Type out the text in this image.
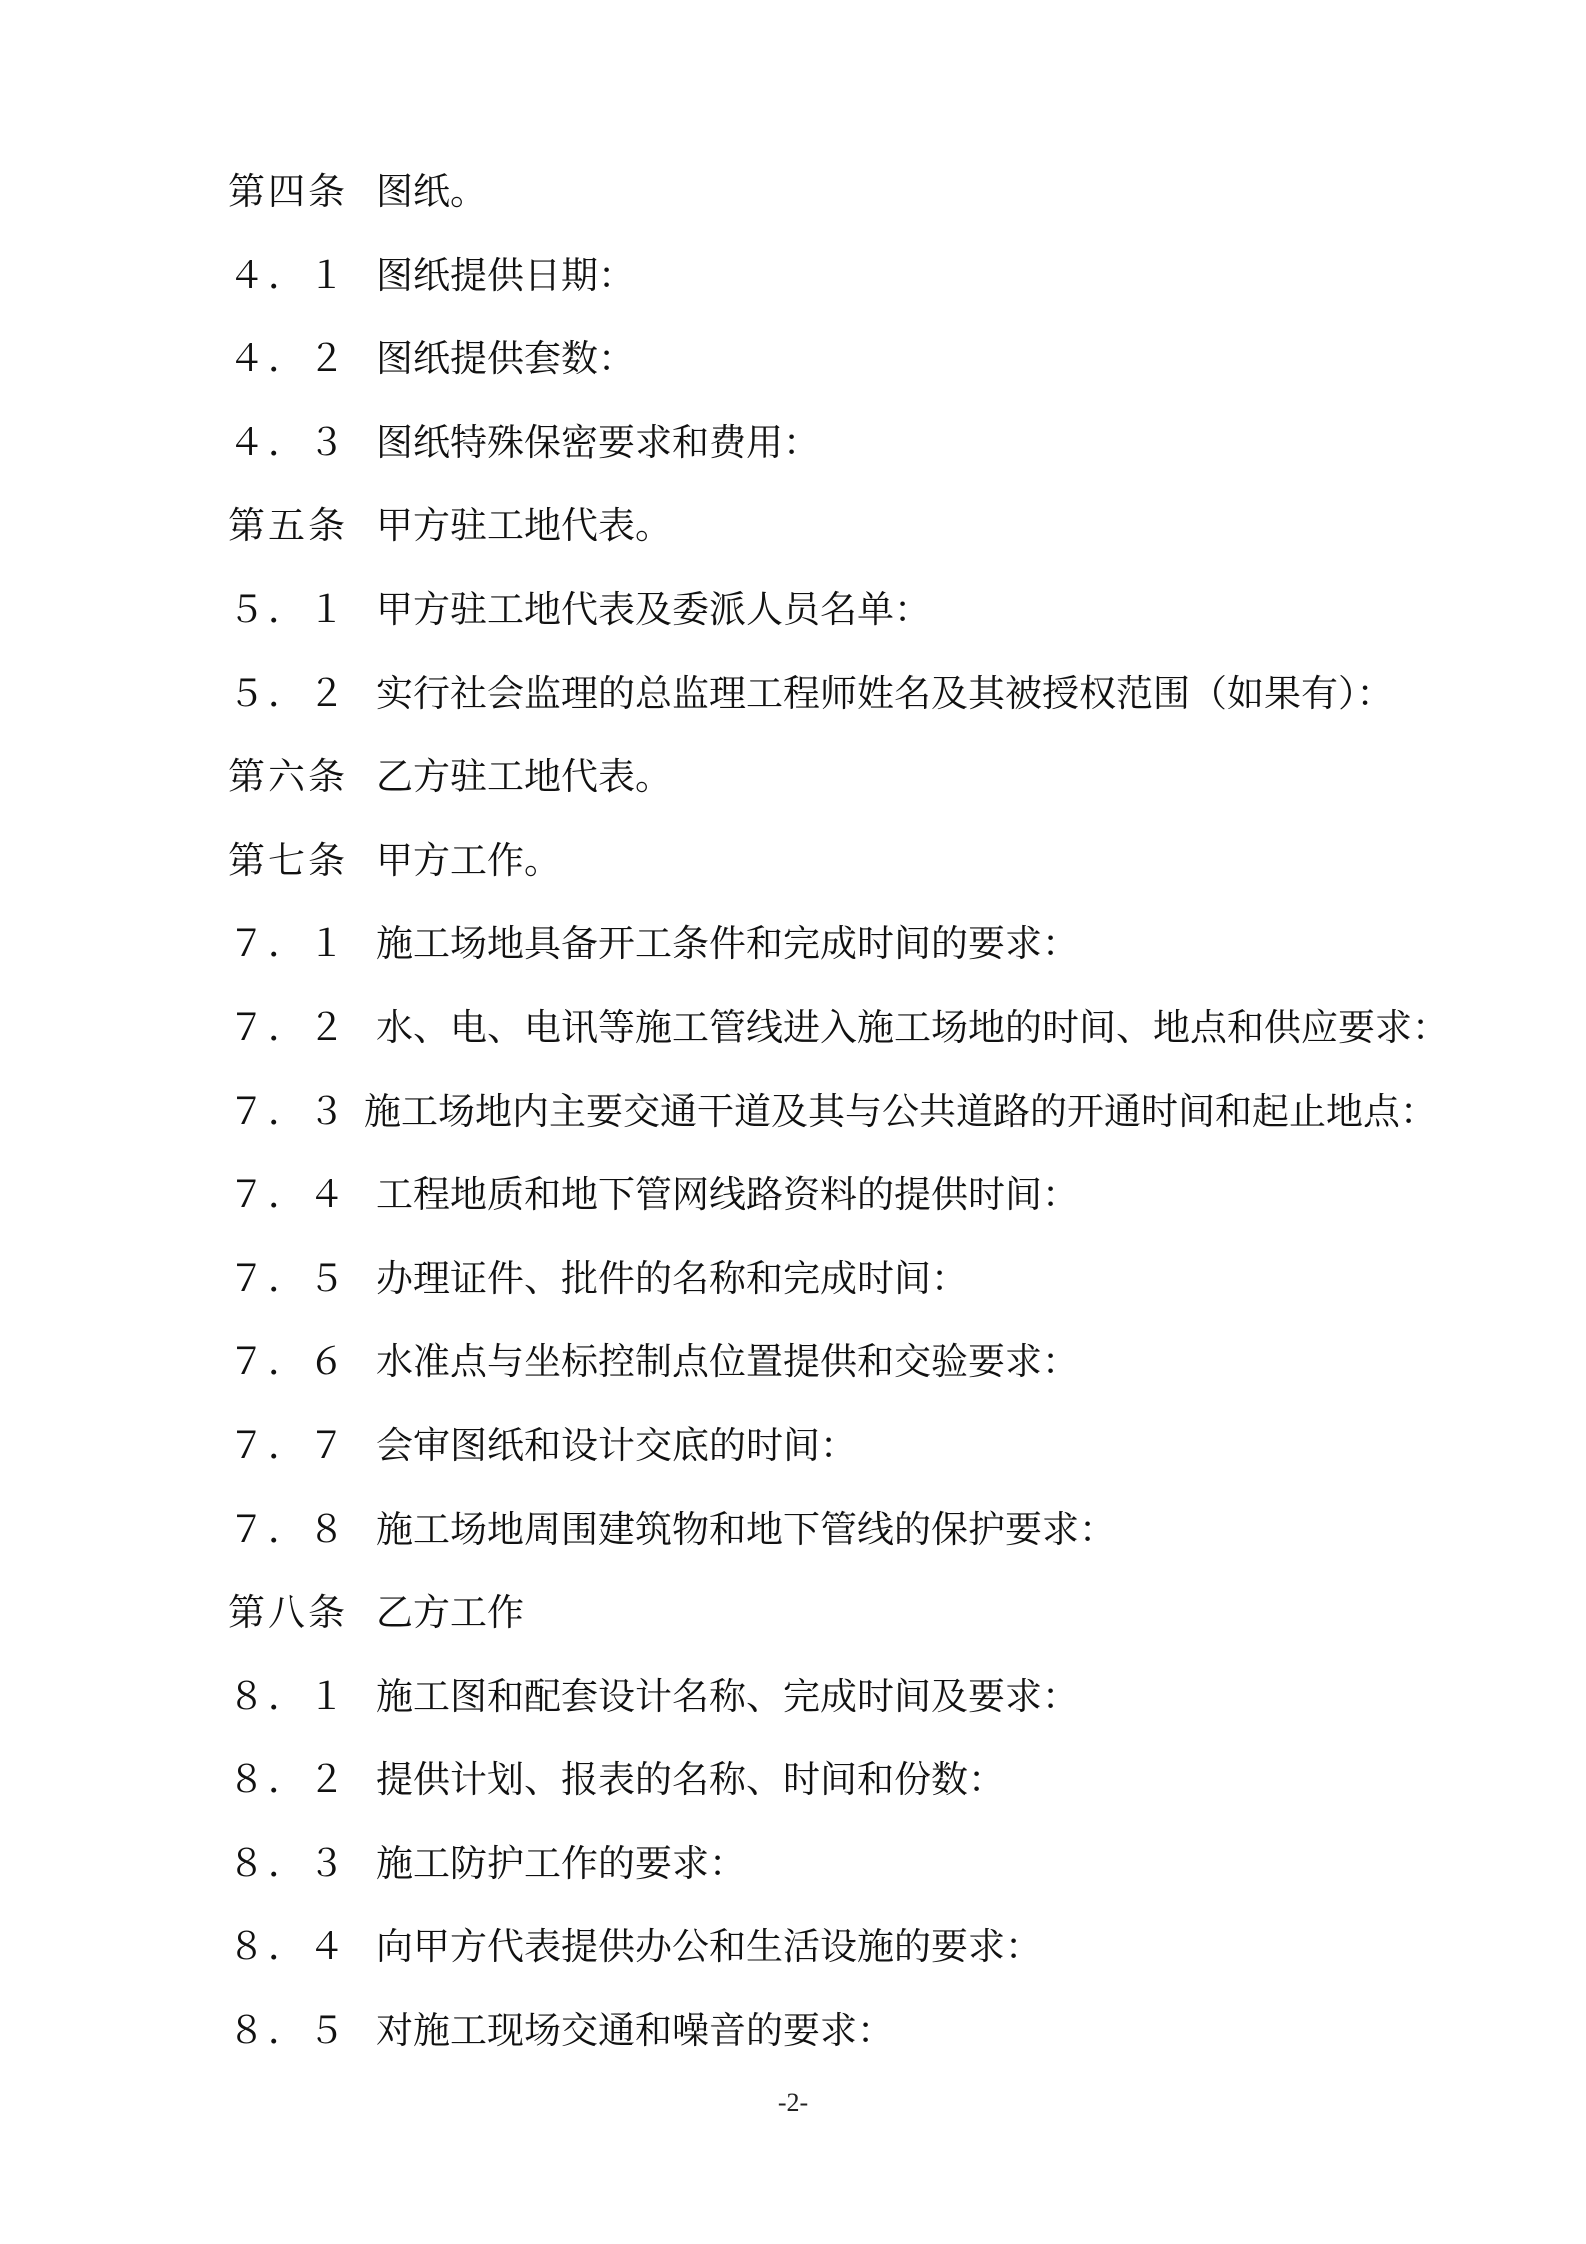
第四条 图纸。
４．１ 图纸提供日期：
４．２ 图纸提供套数：
４．３ 图纸特殊保密要求和费用：
第五条 甲方驻工地代表。
５．１ 甲方驻工地代表及委派人员名单：
５．２ 实行社会监理的总监理工程师姓名及其被授权范围（如果有）：
第六条 乙方驻工地代表。
第七条 甲方工作。
７．１ 施工场地具备开工条件和完成时间的要求：
７．２ 水、电、电讯等施工管线进入施工场地的时间、地点和供应要求：
７．３ 施工场地内主要交通干道及其与公共道路的开通时间和起止地点：
７．４ 工程地质和地下管网线路资料的提供时间：
７．５ 办理证件、批件的名称和完成时间：
７．６ 水准点与坐标控制点位置提供和交验要求：
７．７ 会审图纸和设计交底的时间：
７．８ 施工场地周围建筑物和地下管线的保护要求：
第八条 乙方工作
８．１ 施工图和配套设计名称、完成时间及要求：
８．２ 提供计划、报表的名称、时间和份数：
８．３ 施工防护工作的要求：
８．４ 向甲方代表提供办公和生活设施的要求：
８．５ 对施工现场交通和噪音的要求：
-2-
